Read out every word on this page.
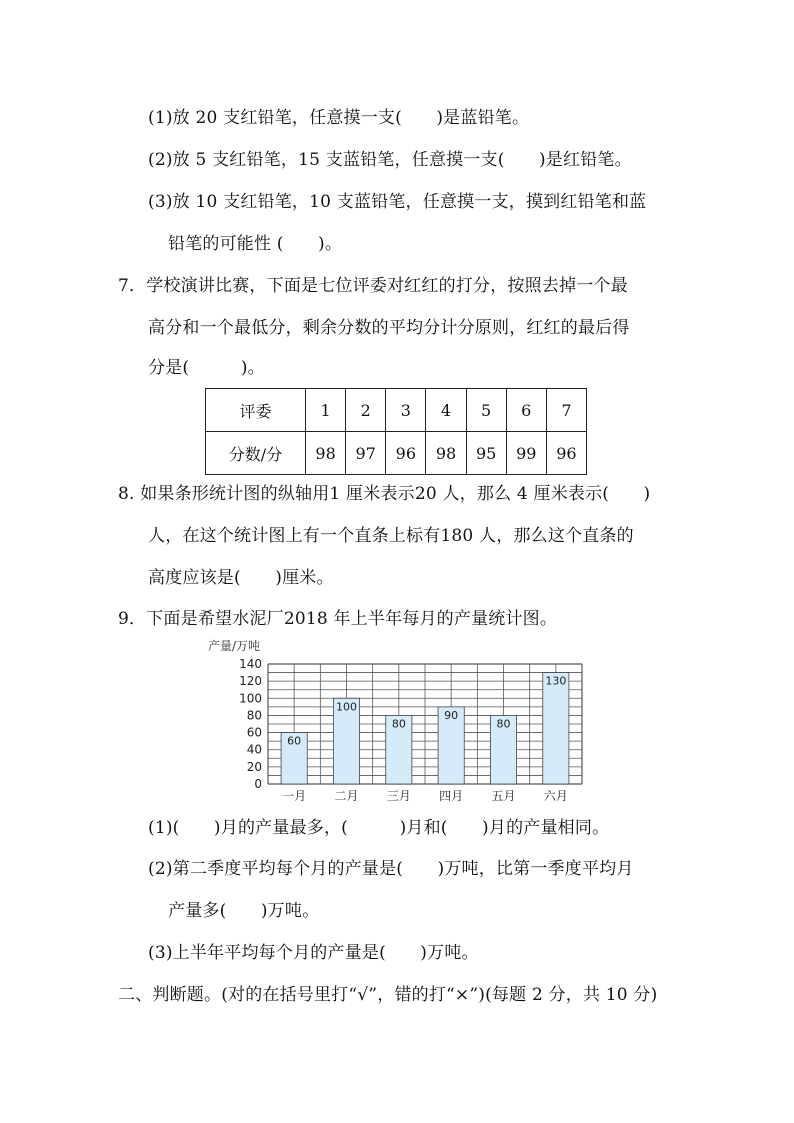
(1)放 20 支红铅笔，任意摸一支(　　)是蓝铅笔。
(2)放 5 支红铅笔，15 支蓝铅笔，任意摸一支(　　)是红铅笔。
(3)放 10 支红铅笔，10 支蓝铅笔，任意摸一支，摸到红铅笔和蓝
铅笔的可能性 (　　)。
7．学校演讲比赛，下面是七位评委对红红的打分，按照去掉一个最
高分和一个最低分，剩余分数的平均分计分原则，红红的最后得
分是(　　　)。
评委	1	2	3	4	5	6	7
分数/分	98	97	96	98	95	99	96
8. 如果条形统计图的纵轴用1 厘米表示20 人，那么 4 厘米表示(　　)
人，在这个统计图上有一个直条上标有180 人，那么这个直条的
高度应该是(　　)厘米。
9．下面是希望水泥厂2018 年上半年每月的产量统计图。
产量/万吨
60
100
80
90
80
130
0
20
40
60
80
100
120
140
一月 二月 三月 四月 五月 六月
(1)(　　)月的产量最多，(　　　)月和(　　)月的产量相同。
(2)第二季度平均每个月的产量是(　　)万吨，比第一季度平均月
产量多(　　)万吨。
(3)上半年平均每个月的产量是(　　)万吨。
二、判断题。(对的在括号里打“√”，错的打“×”)(每题 2 分，共 10 分)
